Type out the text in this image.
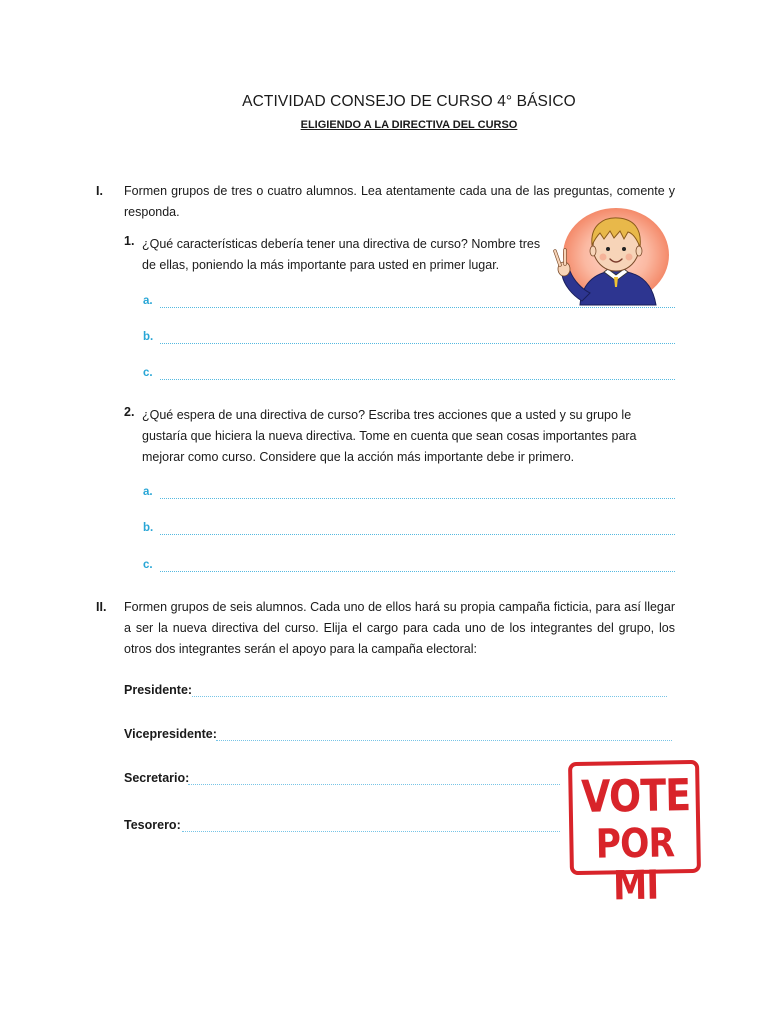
ACTIVIDAD CONSEJO DE CURSO 4° BÁSICO
ELIGIENDO A LA DIRECTIVA DEL CURSO
I. Formen grupos de tres o cuatro alumnos. Lea atentamente cada una de las preguntas, comente y responda.
1. ¿Qué características debería tener una directiva de curso? Nombre tres de ellas, poniendo la más importante para usted en primer lugar.
a.
b.
c.
2. ¿Qué espera de una directiva de curso? Escriba tres acciones que a usted y su grupo le gustaría que hiciera la nueva directiva. Tome en cuenta que sean cosas importantes para mejorar como curso. Considere que la acción más importante debe ir primero.
a.
b.
c.
II. Formen grupos de seis alumnos. Cada uno de ellos hará su propia campaña ficticia, para así llegar a ser la nueva directiva del curso. Elija el cargo para cada uno de los integrantes del grupo, los otros dos integrantes serán el apoyo para la campaña electoral:
Presidente:
Vicepresidente:
Secretario:
Tesorero:
VOTE
POR MI
